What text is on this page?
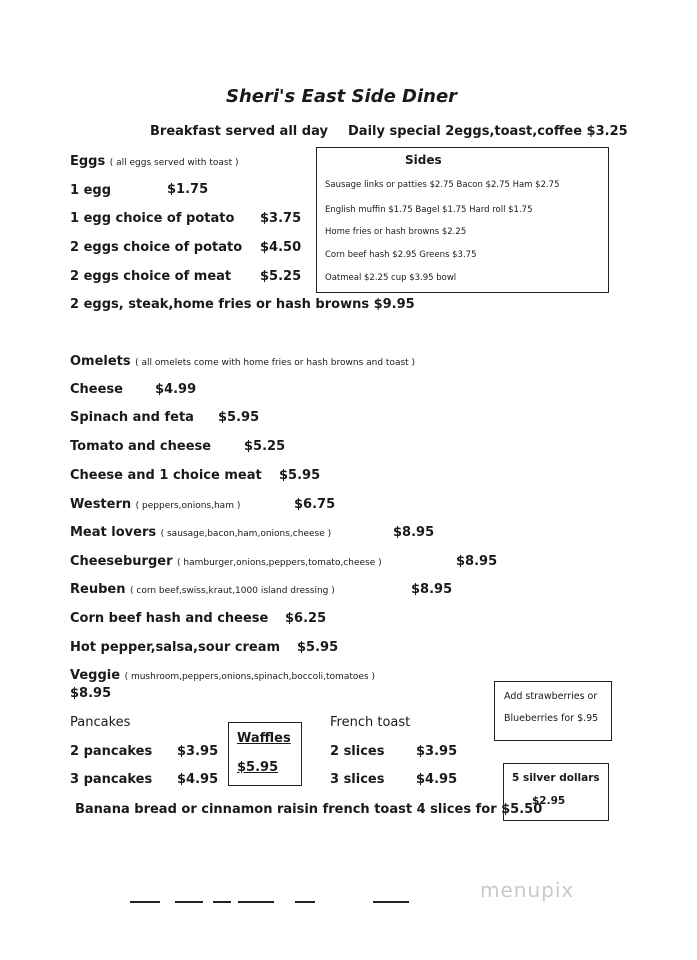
Sheri's East Side Diner
Breakfast served all day Daily special 2eggs,toast,coffee $3.25
Eggs ( all eggs served with toast )
1 egg	$1.75
1 egg choice of potato $3.75
2 eggs choice of potato $4.50
2 eggs choice of meat $5.25
2 eggs, steak,home fries or hash browns $9.95
Sides
Sausage links or patties $2.75 Bacon $2.75 Ham $2.75
English muffin $1.75 Bagel $1.75 Hard roll $1.75
Home fries or hash browns $2.25
Corn beef hash $2.95 Greens $3.75
Oatmeal $2.25 cup $3.95 bowl
Omelets ( all omelets come with home fries or hash browns and toast )
Cheese $4.99
Spinach and feta $5.95
Tomato and cheese	$5.25
Cheese and 1 choice meat $5.95
Western ( peppers,onions,ham )	$6.75
Meat lovers ( sausage,bacon,ham,onions,cheese )	$8.95
Cheeseburger ( hamburger,onions,peppers,tomato,cheese )	$8.95
Reuben ( corn beef,swiss,kraut,1000 island dressing )	$8.95
Corn beef hash and cheese $6.25
Hot pepper,salsa,sour cream $5.95
Veggie ( mushroom,peppers,onions,spinach,boccoli,tomatoes )
$8.95
Pancakes
2 pancakes $3.95
3 pancakes $4.95
Waffles
$5.95
French toast
2 slices $3.95
3 slices $4.95
Add strawberries or
Blueberries for $.95
5 silver dollars
$2.95
Banana bread or cinnamon raisin french toast 4 slices for $5.50
menupix
